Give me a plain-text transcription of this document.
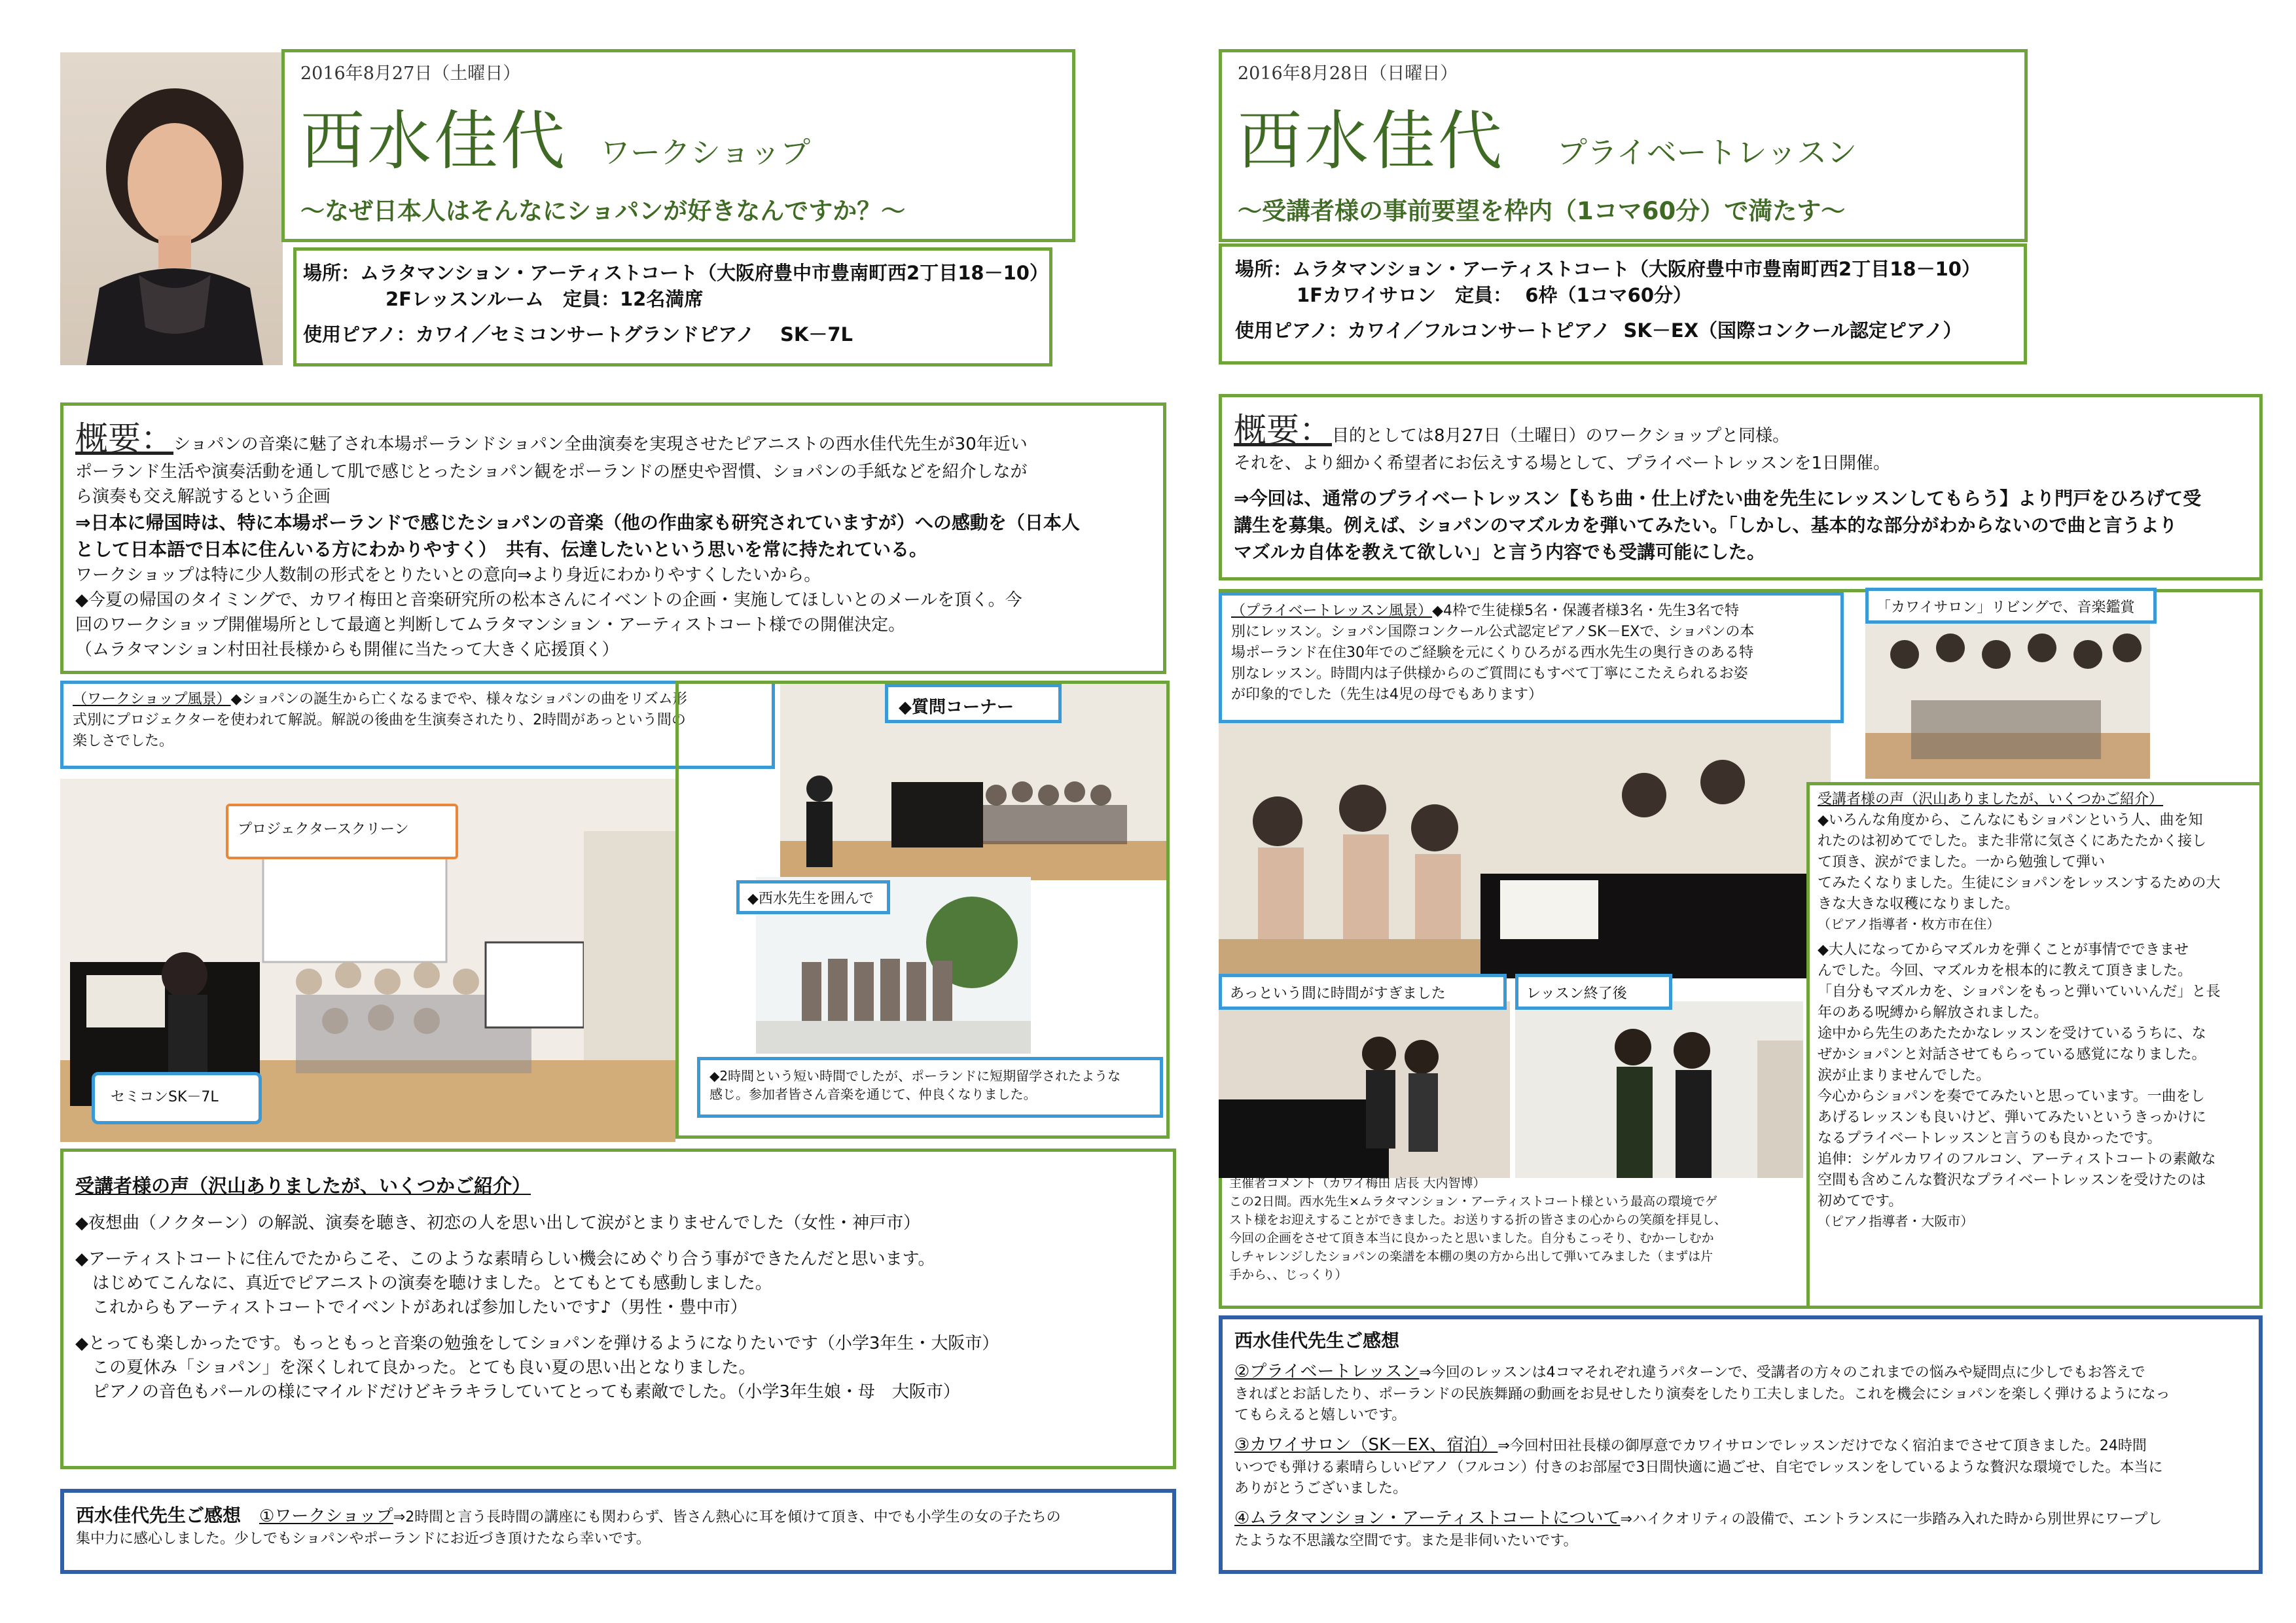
2016年8月27日（土曜日）
西水佳代 ワークショップ
～なぜ日本人はそんなにショパンが好きなんですか？～
場所：ムラタマンション・アーティストコート（大阪府豊中市豊南町西2丁目18－10）
2Fレッスンルーム　定員：12名満席
使用ピアノ：カワイ／セミコンサートグランドピアノ　 SK－7L
概要： ショパンの音楽に魅了され本場ポーランドショパン全曲演奏を実現させたピアニストの西水佳代先生が30年近い
ポーランド生活や演奏活動を通して肌で感じとったショパン観をポーランドの歴史や習慣、ショパンの手紙などを紹介しなが
ら演奏も交え解説するという企画
⇒日本に帰国時は、特に本場ポーランドで感じたショパンの音楽（他の作曲家も研究されていますが）への感動を（日本人
として日本語で日本に住んいる方にわかりやすく）　共有、伝達したいという思いを常に持たれている。
ワークショップは特に少人数制の形式をとりたいとの意向⇒より身近にわかりやすくしたいから。
◆今夏の帰国のタイミングで、カワイ梅田と音楽研究所の松本さんにイベントの企画・実施してほしいとのメールを頂く。今
回のワークショップ開催場所として最適と判断してムラタマンション・アーティストコート様での開催決定。
（ムラタマンション村田社長様からも開催に当たって大きく応援頂く）
（ワークショップ風景）◆ショパンの誕生から亡くなるまでや、様々なショパンの曲をリズム形
式別にプロジェクターを使われて解説。解説の後曲を生演奏されたり、2時間があっという間の
楽しさでした。
プロジェクタースクリーン
セミコンSK－7L
◆質問コーナー
◆西水先生を囲んで
◆2時間という短い時間でしたが、ポーランドに短期留学されたような
感じ。参加者皆さん音楽を通じて、仲良くなりました。
受講者様の声（沢山ありましたが、いくつかご紹介）
◆夜想曲（ノクターン）の解説、演奏を聴き、初恋の人を思い出して涙がとまりませんでした（女性・神戸市）
◆アーティストコートに住んでたからこそ、このような素晴らしい機会にめぐり合う事ができたんだと思います。
はじめてこんなに、真近でピアニストの演奏を聴けました。とてもとても感動しました。
これからもアーティストコートでイベントがあれば参加したいです♪（男性・豊中市）
◆とっても楽しかったです。もっともっと音楽の勉強をしてショパンを弾けるようになりたいです（小学3年生・大阪市）
この夏休み「ショパン」を深くしれて良かった。とても良い夏の思い出となりました。
ピアノの音色もパールの様にマイルドだけどキラキラしていてとっても素敵でした。（小学3年生娘・母　大阪市）
西水佳代先生ご感想 ①ワークショップ ⇒2時間と言う長時間の講座にも関わらず、皆さん熱心に耳を傾けて頂き、中でも小学生の女の子たちの
集中力に感心しました。少しでもショパンやポーランドにお近づき頂けたなら幸いです。
2016年8月28日（日曜日）
西水佳代 プライベートレッスン
～受講者様の事前要望を枠内（1コマ60分）で満たす～
場所：ムラタマンション・アーティストコート（大阪府豊中市豊南町西2丁目18－10）
1Fカワイサロン　定員：  6枠（1コマ60分）
使用ピアノ：カワイ／フルコンサートピアノ  SK－EX（国際コンクール認定ピアノ）
概要： 目的としては8月27日（土曜日）のワークショップと同様。
それを、より細かく希望者にお伝えする場として、プライベートレッスンを1日開催。
⇒今回は、通常のプライベートレッスン【もち曲・仕上げたい曲を先生にレッスンしてもらう】より門戸をひろげて受
講生を募集。例えば、ショパンのマズルカを弾いてみたい。「しかし、基本的な部分がわからないので曲と言うより
マズルカ自体を教えて欲しい」と言う内容でも受講可能にした。
（プライベートレッスン風景）◆4枠で生徒様5名・保護者様3名・先生3名で特
別にレッスン。ショパン国際コンクール公式認定ピアノSK－EXで、ショパンの本
場ポーランド在住30年でのご経験を元にくりひろがる西水先生の奥行きのある特
別なレッスン。時間内は子供様からのご質問にもすべて丁寧にこたえられるお姿
が印象的でした（先生は4児の母でもあります）
「カワイサロン」リビングで、音楽鑑賞
あっという間に時間がすぎました	レッスン終了後
主催者コメント（カワイ梅田 店長 大内智博）
この2日間。西水先生×ムラタマンション・アーティストコート様という最高の環境でゲ
スト様をお迎えすることができました。お送りする折の皆さまの心からの笑顔を拝見し、
今回の企画をさせて頂き本当に良かったと思いました。自分もこっそり、むかーしむか
しチャレンジしたショパンの楽譜を本棚の奥の方から出して弾いてみました（まずは片
手から、、じっくり）
受講者様の声（沢山ありましたが、いくつかご紹介）
◆いろんな角度から、こんなにもショパンという人、曲を知
れたのは初めてでした。また非常に気さくにあたたかく接し
て頂き、涙がでました。一から勉強して弾い
てみたくなりました。生徒にショパンをレッスンするための大
きな大きな収穫になりました。
（ピアノ指導者・枚方市在住）
◆大人になってからマズルカを弾くことが事情でできませ
んでした。今回、マズルカを根本的に教えて頂きました。
「自分もマズルカを、ショパンをもっと弾いていいんだ」と長
年のある呪縛から解放されました。
途中から先生のあたたかなレッスンを受けているうちに、な
ぜかショパンと対話させてもらっている感覚になりました。
涙が止まりませんでした。
今心からショパンを奏でてみたいと思っています。一曲をし
あげるレッスンも良いけど、弾いてみたいというきっかけに
なるプライベートレッスンと言うのも良かったです。
追伸：シゲルカワイのフルコン、アーティストコートの素敵な
空間も含めこんな贅沢なプライベートレッスンを受けたのは
初めてです。
（ピアノ指導者・大阪市）
西水佳代先生ご感想
②プライベートレッスン⇒今回のレッスンは4コマそれぞれ違うパターンで、受講者の方々のこれまでの悩みや疑問点に少しでもお答えで
きればとお話したり、ポーランドの民族舞踊の動画をお見せしたり演奏をしたり工夫しました。これを機会にショパンを楽しく弾けるようになっ
てもらえると嬉しいです。
③カワイサロン（SK－EX、宿泊）⇒今回村田社長様の御厚意でカワイサロンでレッスンだけでなく宿泊までさせて頂きました。24時間
いつでも弾ける素晴らしいピアノ（フルコン）付きのお部屋で3日間快適に過ごせ、自宅でレッスンをしているような贅沢な環境でした。本当に
ありがとうございました。
④ムラタマンション・アーティストコートについて⇒ハイクオリティの設備で、エントランスに一歩踏み入れた時から別世界にワープし
たような不思議な空間です。また是非伺いたいです。
